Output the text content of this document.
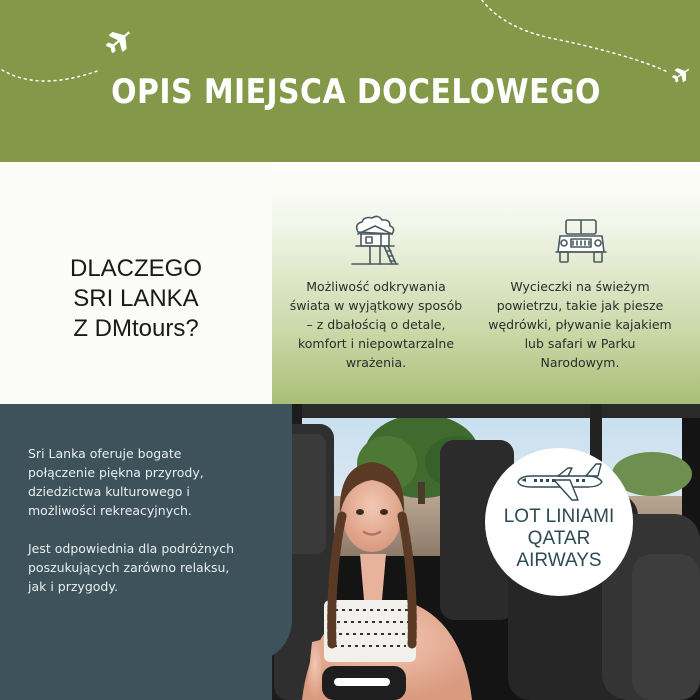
OPIS MIEJSCA DOCELOWEGO
DLACZEGO
SRI LANKA
Z DMtours?
Możliwość odkrywania
świata w wyjątkowy sposób
– z dbałością o detale,
komfort i niepowtarzalne
wrażenia.
Wycieczki na świeżym
powietrzu, takie jak piesze
wędrówki, pływanie kajakiem
lub safari w Parku
Narodowym.

Sri Lanka oferuje bogate
połączenie piękna przyrody,
dziedzictwa kulturowego i
możliwości rekreacyjnych.

Jest odpowiednia dla podróżnych
poszukujących zarówno relaksu,
jak i przygody.

LOT LINIAMI
QATAR
AIRWAYS
